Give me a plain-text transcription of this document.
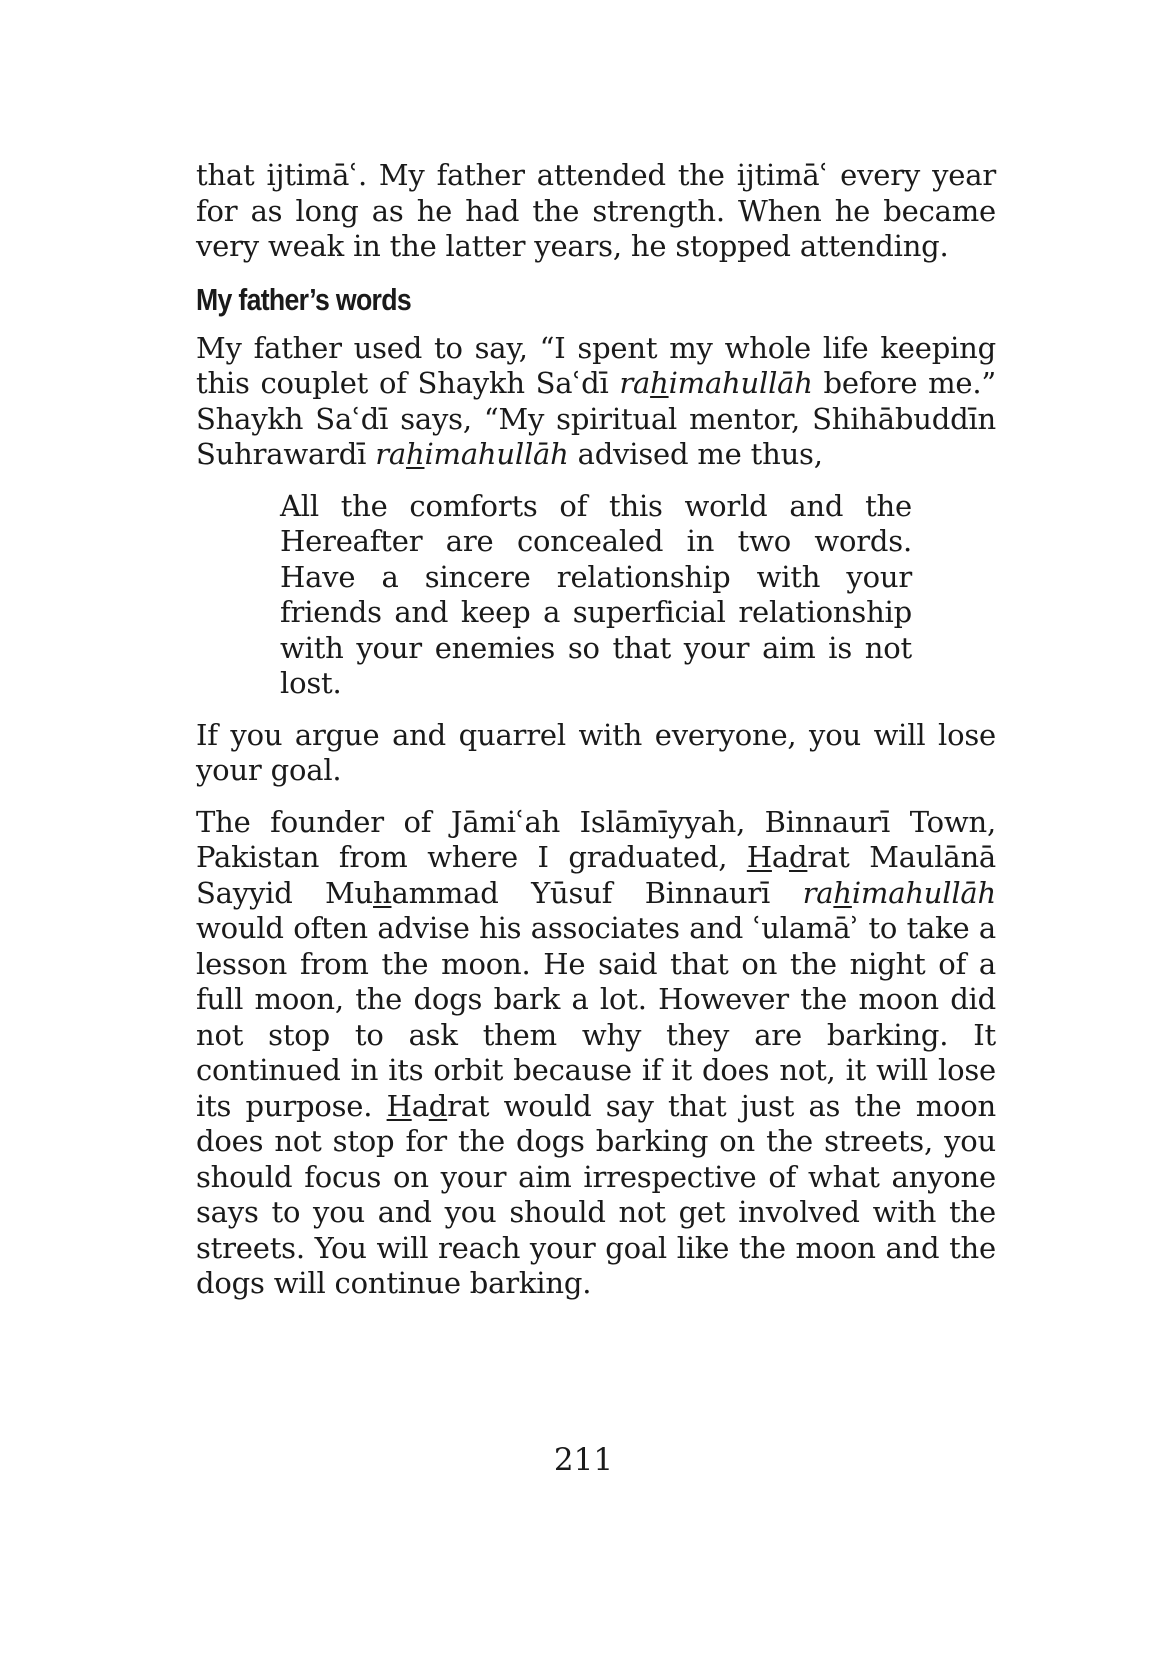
that ijtimāʿ. My father attended the ijtimāʿ every year for as long as he had the strength. When he became very weak in the latter years, he stopped attending.

My father’s words

My father used to say, “I spent my whole life keeping this couplet of Shaykh Saʿdī rahimahullāh before me.” Shaykh Saʿdī says, “My spiritual mentor, Shihābuddīn Suhrawardī rahimahullāh advised me thus,

All the comforts of this world and the Hereafter are concealed in two words. Have a sincere relationship with your friends and keep a superficial relationship with your enemies so that your aim is not lost.

If you argue and quarrel with everyone, you will lose your goal.

The founder of Jāmiʿah Islāmīyyah, Binnaurī Town, Pakistan from where I graduated, Hadrat Maulānā Sayyid Muhammad Yūsuf Binnaurī rahimahullāh would often advise his associates and ʿulamāʾ to take a lesson from the moon. He said that on the night of a full moon, the dogs bark a lot. However the moon did not stop to ask them why they are barking. It continued in its orbit because if it does not, it will lose its purpose. Hadrat would say that just as the moon does not stop for the dogs barking on the streets, you should focus on your aim irrespective of what anyone says to you and you should not get involved with the streets. You will reach your goal like the moon and the dogs will continue barking.

211
